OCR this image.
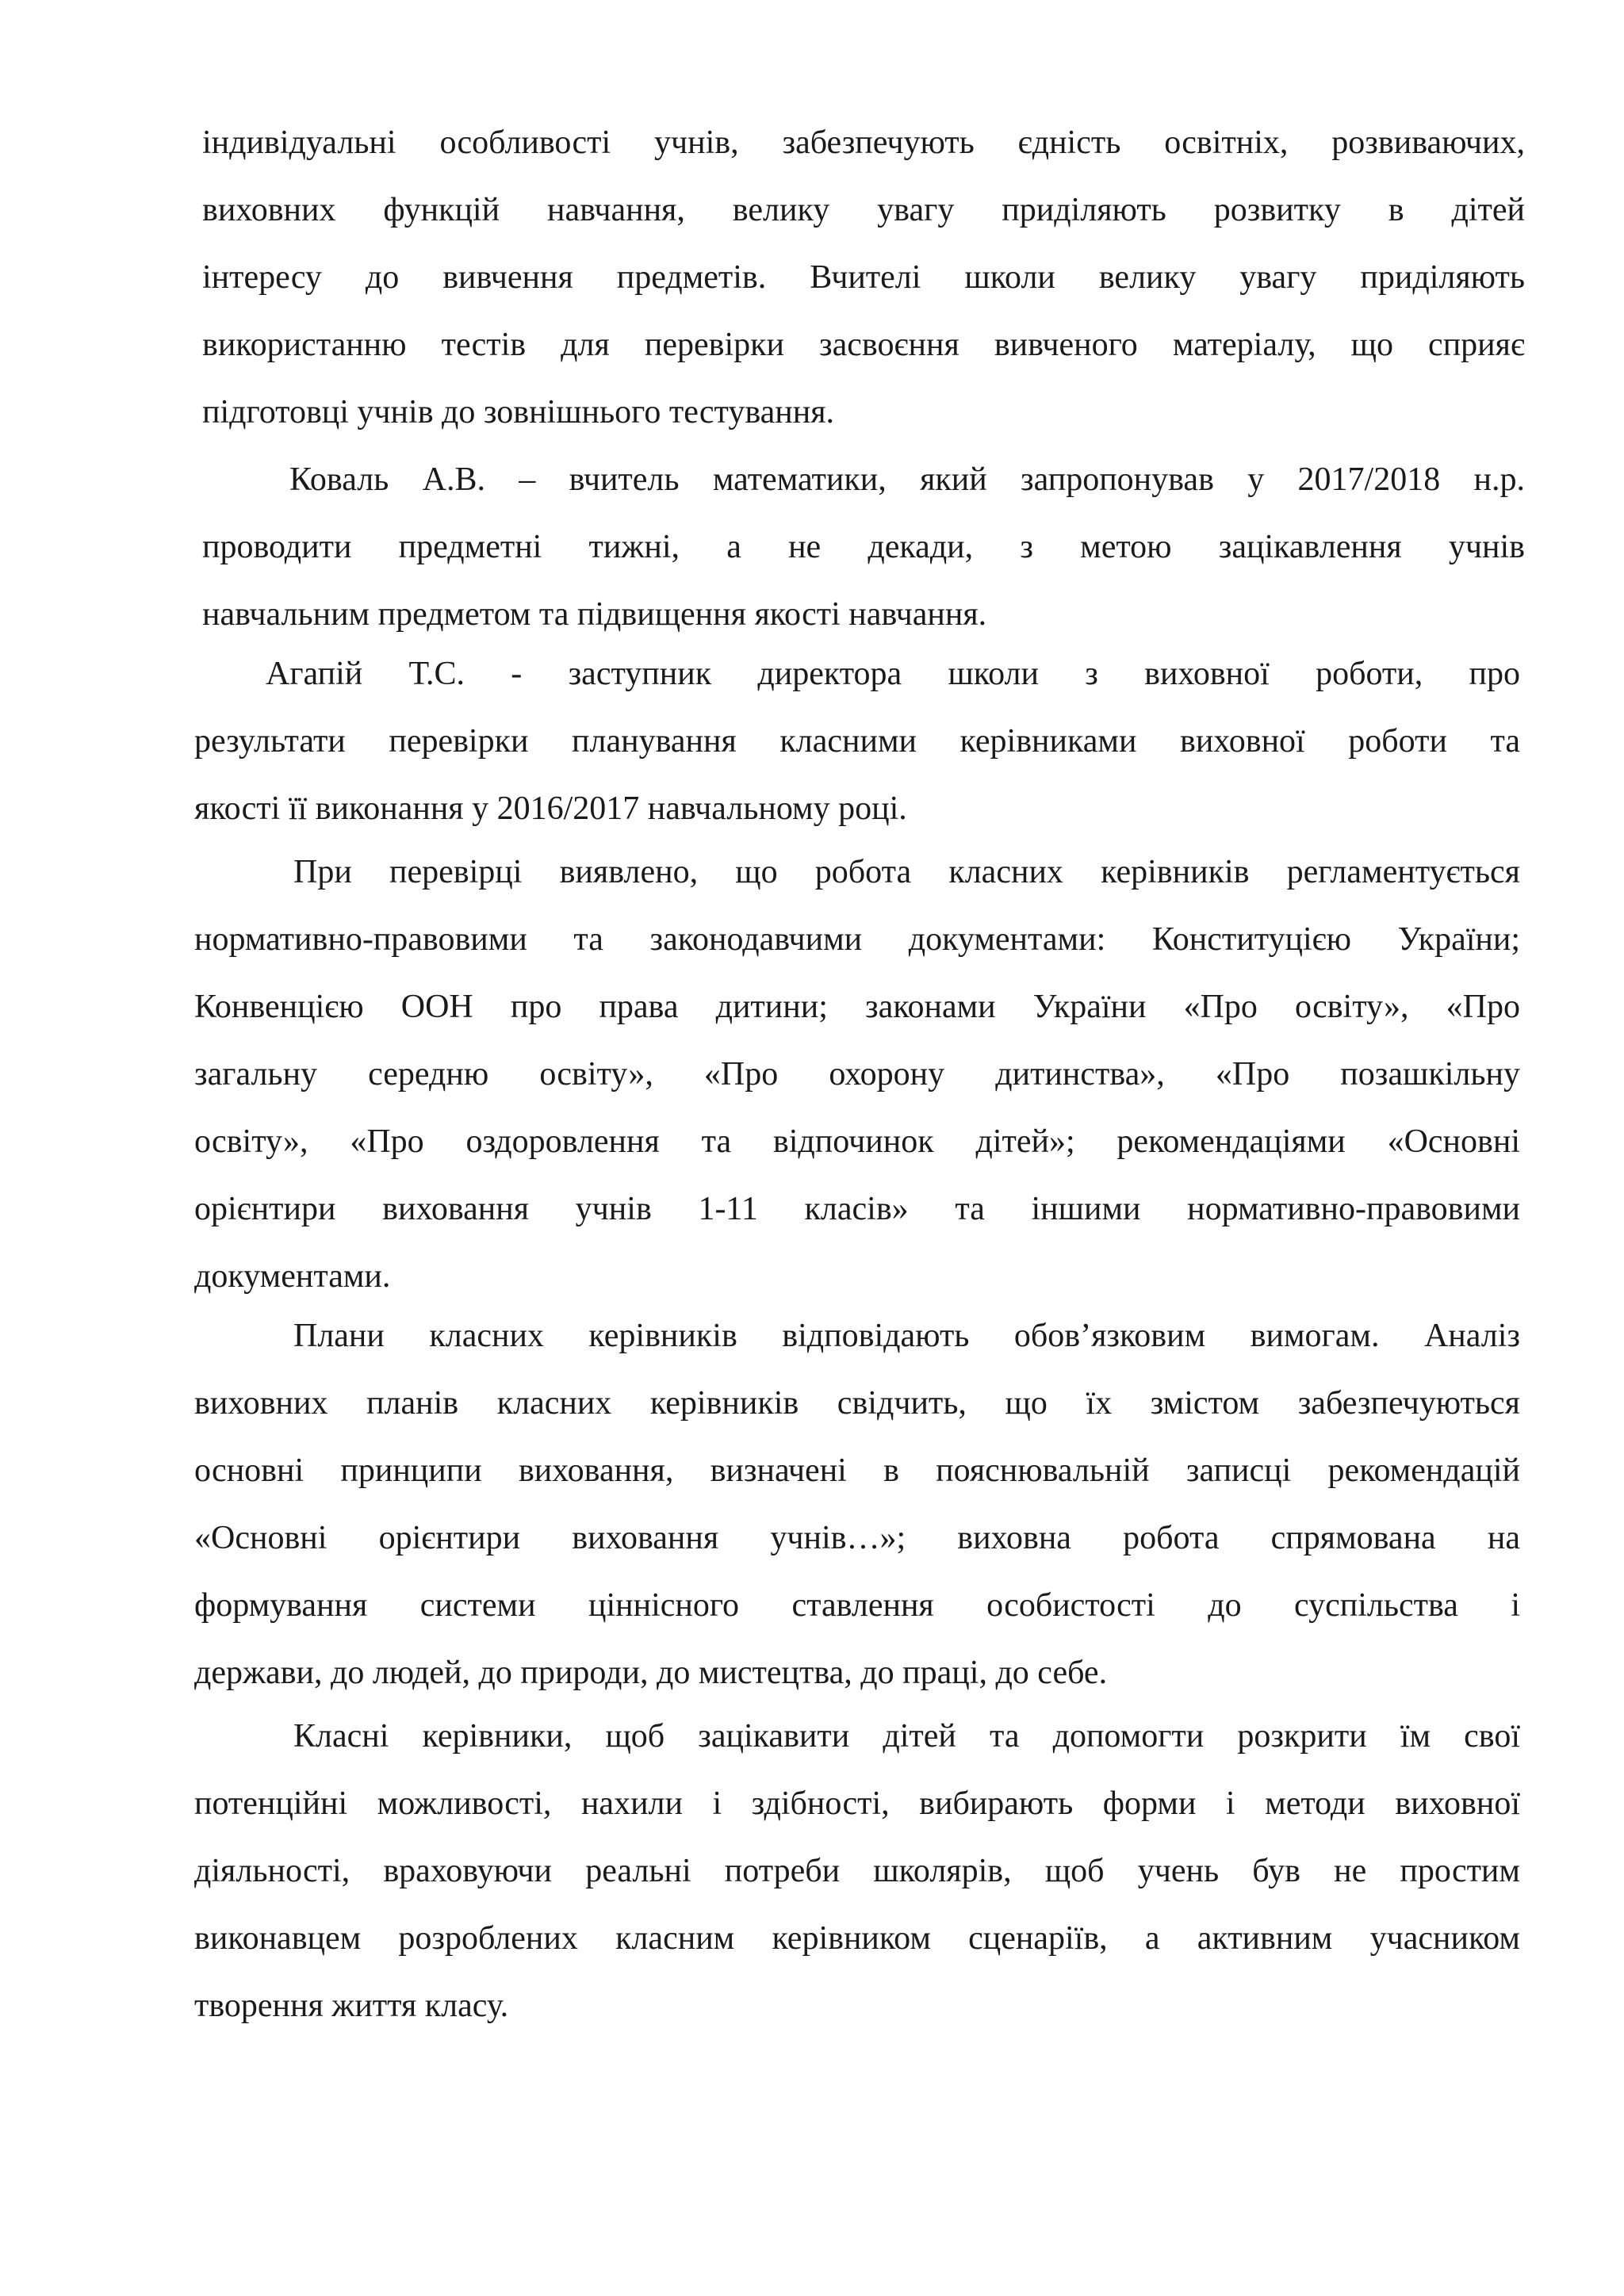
індивідуальні особливості учнів, забезпечують єдність освітніх, розвиваючих,
виховних функцій навчання, велику увагу приділяють розвитку в дітей
інтересу до вивчення предметів. Вчителі школи велику увагу приділяють
використанню тестів для перевірки засвоєння вивченого матеріалу, що сприяє
підготовці учнів до зовнішнього тестування.
Коваль А.В. – вчитель математики, який запропонував у 2017/2018 н.р.
проводити предметні тижні, а не декади, з метою зацікавлення учнів
навчальним предметом та підвищення якості навчання.
Агапій Т.С. - заступник директора школи з виховної роботи, про
результати перевірки планування класними керівниками виховної роботи та
якості її виконання у 2016/2017 навчальному році.
При перевірці виявлено, що робота класних керівників регламентується
нормативно-правовими та законодавчими документами: Конституцією України;
Конвенцією ООН про права дитини; законами України «Про освіту», «Про
загальну середню освіту», «Про охорону дитинства», «Про позашкільну
освіту», «Про оздоровлення та відпочинок дітей»; рекомендаціями «Основні
орієнтири виховання учнів 1-11 класів» та іншими нормативно-правовими
документами.
Плани класних керівників відповідають обов’язковим вимогам. Аналіз
виховних планів класних керівників свідчить, що їх змістом забезпечуються
основні принципи виховання, визначені в пояснювальній записці рекомендацій
«Основні орієнтири виховання учнів…»; виховна робота спрямована на
формування системи ціннісного ставлення особистості до суспільства і
держави, до людей, до природи, до мистецтва, до праці, до себе.
Класні керівники, щоб зацікавити дітей та допомогти розкрити їм свої
потенційні можливості, нахили і здібності, вибирають форми і методи виховної
діяльності, враховуючи реальні потреби школярів, щоб учень був не простим
виконавцем розроблених класним керівником сценаріїв, а активним учасником
творення життя класу.
